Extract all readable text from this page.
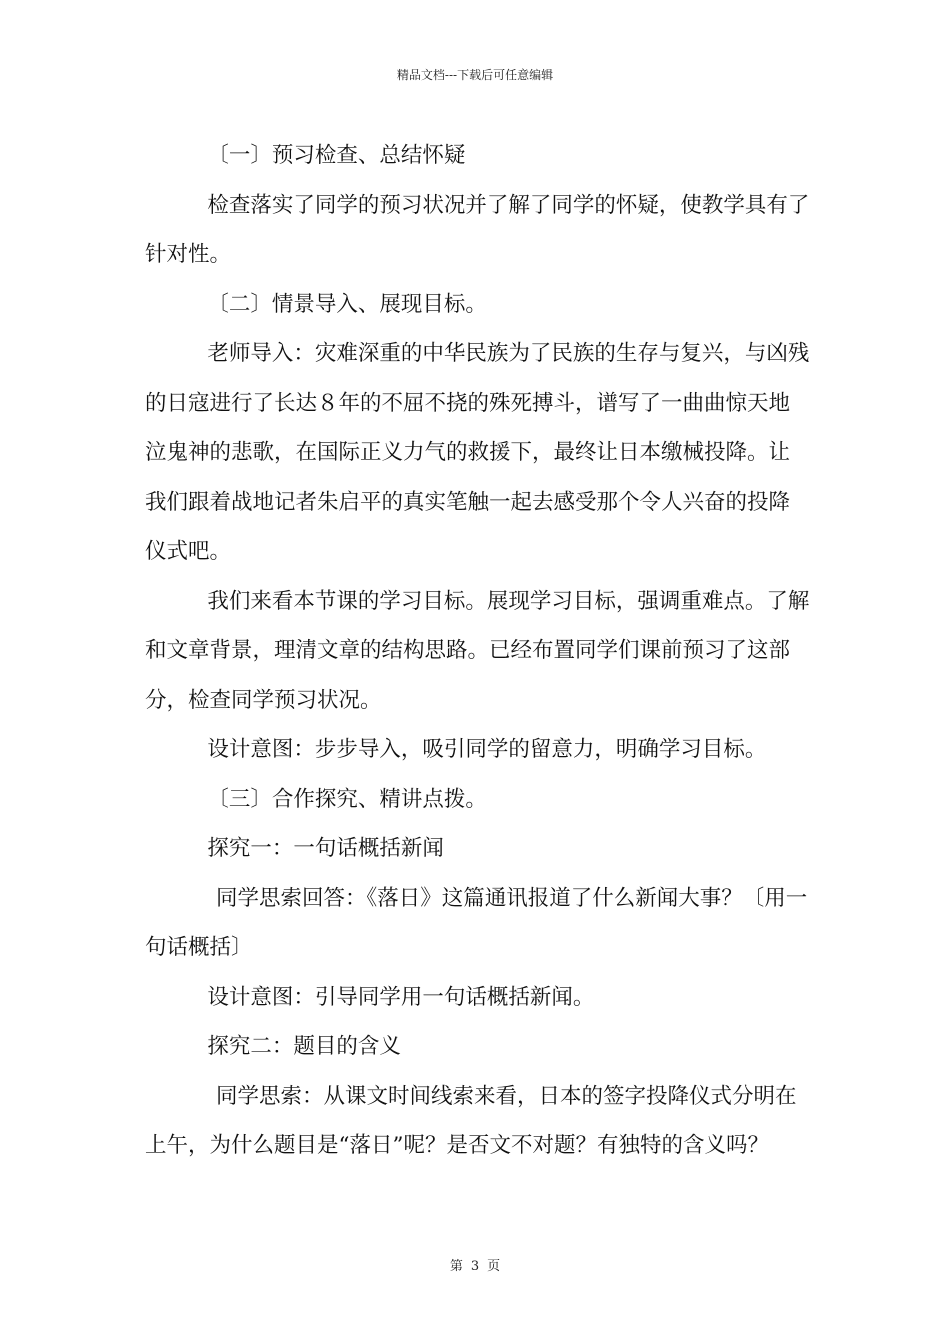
精品文档---下载后可任意编辑

〔一〕预习检查、总结怀疑

检查落实了同学的预习状况并了解了同学的怀疑，使教学具有了针对性。

〔二〕情景导入、展现目标。

老师导入：灾难深重的中华民族为了民族的生存与复兴，与凶残的日寇进行了长达８年的不屈不挠的殊死搏斗，谱写了一曲曲惊天地泣鬼神的悲歌，在国际正义力气的救援下，最终让日本缴械投降。让我们跟着战地记者朱启平的真实笔触一起去感受那个令人兴奋的投降仪式吧。

我们来看本节课的学习目标。展现学习目标，强调重难点。了解和文章背景，理清文章的结构思路。已经布置同学们课前预习了这部分，检查同学预习状况。

设计意图：步步导入，吸引同学的留意力，明确学习目标。

〔三〕合作探究、精讲点拨。

探究一：一句话概括新闻

同学思索回答：《落日》这篇通讯报道了什么新闻大事？〔用一句话概括〕

设计意图：引导同学用一句话概括新闻。

探究二：题目的含义

同学思索：从课文时间线索来看，日本的签字投降仪式分明在上午，为什么题目是“落日”呢？是否文不对题？有独特的含义吗？

第 3 页
